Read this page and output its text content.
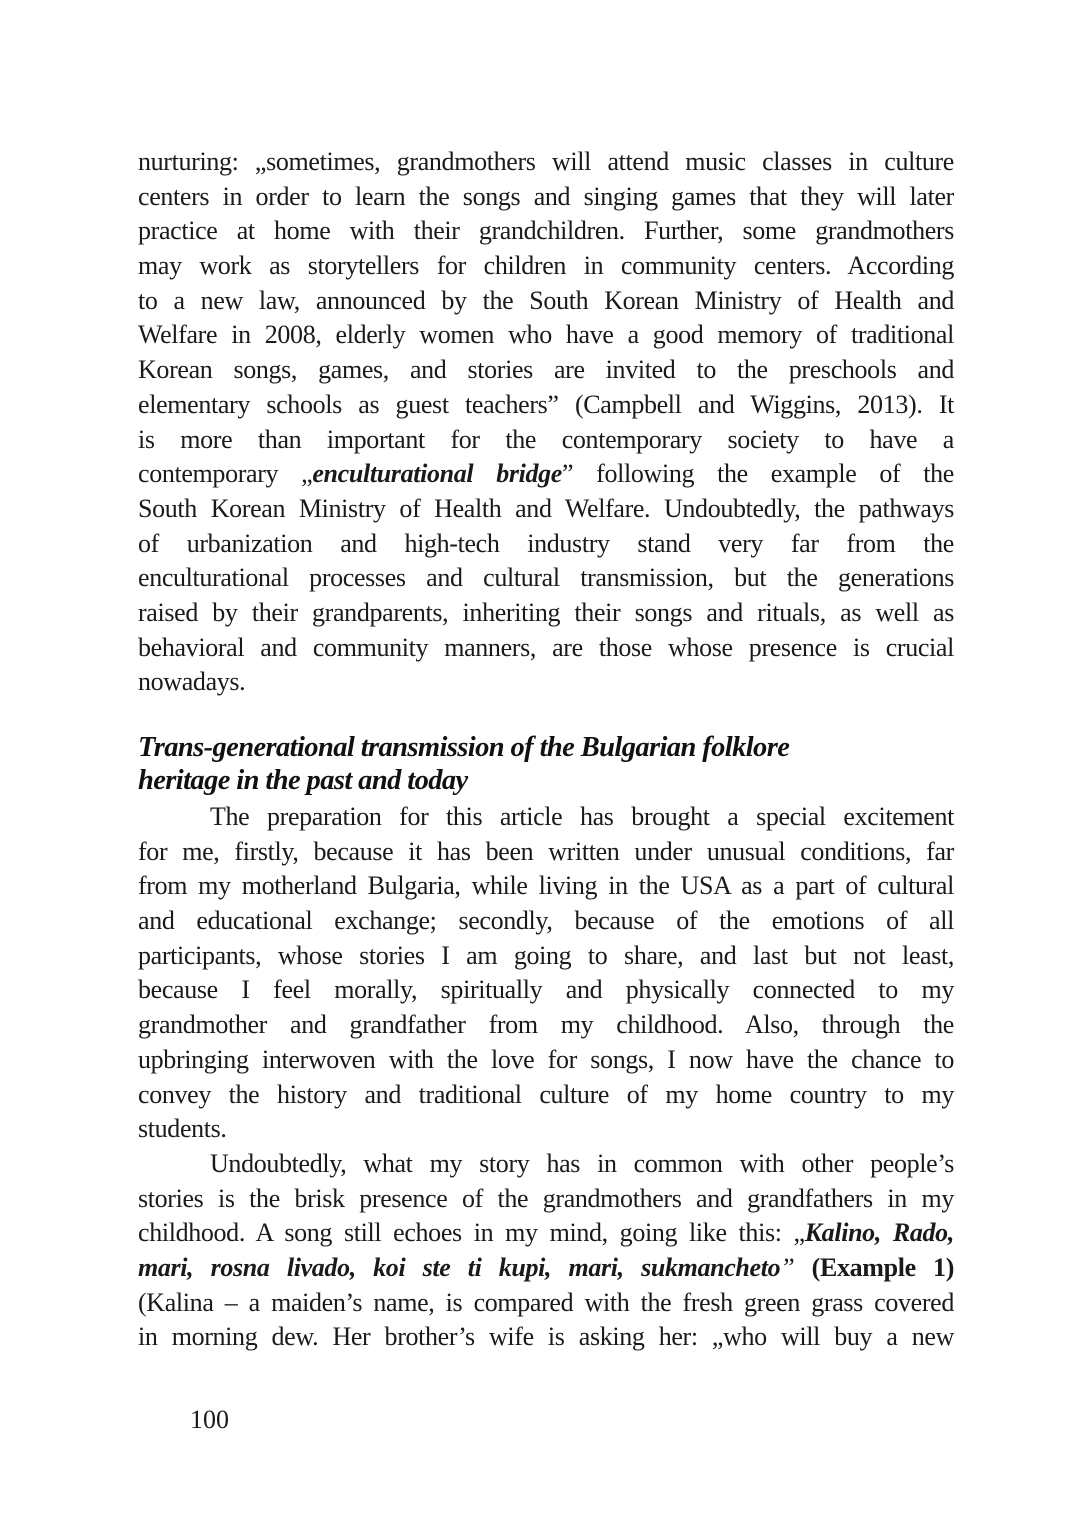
nurturing: „sometimes, grandmothers will attend music classes in culture
centers in order to learn the songs and singing games that they will later
practice at home with their grandchildren. Further, some grandmothers
may work as storytellers for children in community centers. According
to a new law, announced by the South Korean Ministry of Health and
Welfare in 2008, elderly women who have a good memory of traditional
Korean songs, games, and stories are invited to the preschools and
elementary schools as guest teachers” (Campbell and Wiggins, 2013). It
is more than important for the contemporary society to have a
contemporary „enculturational bridge” following the example of the
South Korean Ministry of Health and Welfare. Undoubtedly, the pathways
of urbanization and high-tech industry stand very far from the
enculturational processes and cultural transmission, but the generations
raised by their grandparents, inheriting their songs and rituals, as well as
behavioral and community manners, are those whose presence is crucial
nowadays.
Trans-generational transmission of the Bulgarian folklore
heritage in the past and today
The preparation for this article has brought a special excitement
for me, firstly, because it has been written under unusual conditions, far
from my motherland Bulgaria, while living in the USA as a part of cultural
and educational exchange; secondly, because of the emotions of all
participants, whose stories I am going to share, and last but not least,
because I feel morally, spiritually and physically connected to my
grandmother and grandfather from my childhood. Also, through the
upbringing interwoven with the love for songs, I now have the chance to
convey the history and traditional culture of my home country to my
students.
Undoubtedly, what my story has in common with other people’s
stories is the brisk presence of the grandmothers and grandfathers in my
childhood. A song still echoes in my mind, going like this: „Kalino, Rado,
mari, rosna livado, koi ste ti kupi, mari, sukmancheto” (Example 1)
(Kalina – a maiden’s name, is compared with the fresh green grass covered
in morning dew. Her brother’s wife is asking her: „who will buy a new
100
